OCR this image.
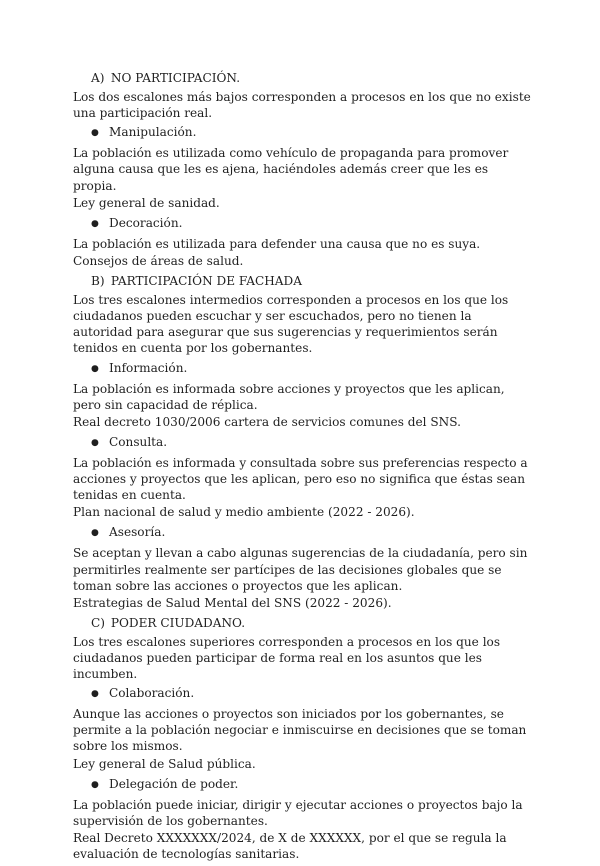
A) NO PARTICIPACIÓN.

Los dos escalones más bajos corresponden a procesos en los que no existe una participación real.

● Manipulación.

La población es utilizada como vehículo de propaganda para promover alguna causa que les es ajena, haciéndoles además creer que les es propia.

Ley general de sanidad.

● Decoración.

La población es utilizada para defender una causa que no es suya.

Consejos de áreas de salud.

B) PARTICIPACIÓN DE FACHADA

Los tres escalones intermedios corresponden a procesos en los que los ciudadanos pueden escuchar y ser escuchados, pero no tienen la autoridad para asegurar que sus sugerencias y requerimientos serán tenidos en cuenta por los gobernantes.

● Información.

La población es informada sobre acciones y proyectos que les aplican, pero sin capacidad de réplica.

Real decreto 1030/2006 cartera de servicios comunes del SNS.

● Consulta.

La población es informada y consultada sobre sus preferencias respecto a acciones y proyectos que les aplican, pero eso no significa que éstas sean tenidas en cuenta.

Plan nacional de salud y medio ambiente (2022 - 2026).

● Asesoría.

Se aceptan y llevan a cabo algunas sugerencias de la ciudadanía, pero sin permitirles realmente ser partícipes de las decisiones globales que se toman sobre las acciones o proyectos que les aplican.

Estrategias de Salud Mental del SNS (2022 - 2026).

C) PODER CIUDADANO.

Los tres escalones superiores corresponden a procesos en los que los ciudadanos pueden participar de forma real en los asuntos que les incumben.

● Colaboración.

Aunque las acciones o proyectos son iniciados por los gobernantes, se permite a la población negociar e inmiscuirse en decisiones que se toman sobre los mismos.

Ley general de Salud pública.

● Delegación de poder.

La población puede iniciar, dirigir y ejecutar acciones o proyectos bajo la supervisión de los gobernantes.

Real Decreto XXXXXXX/2024, de X de XXXXXX, por el que se regula la evaluación de tecnologías sanitarias.
